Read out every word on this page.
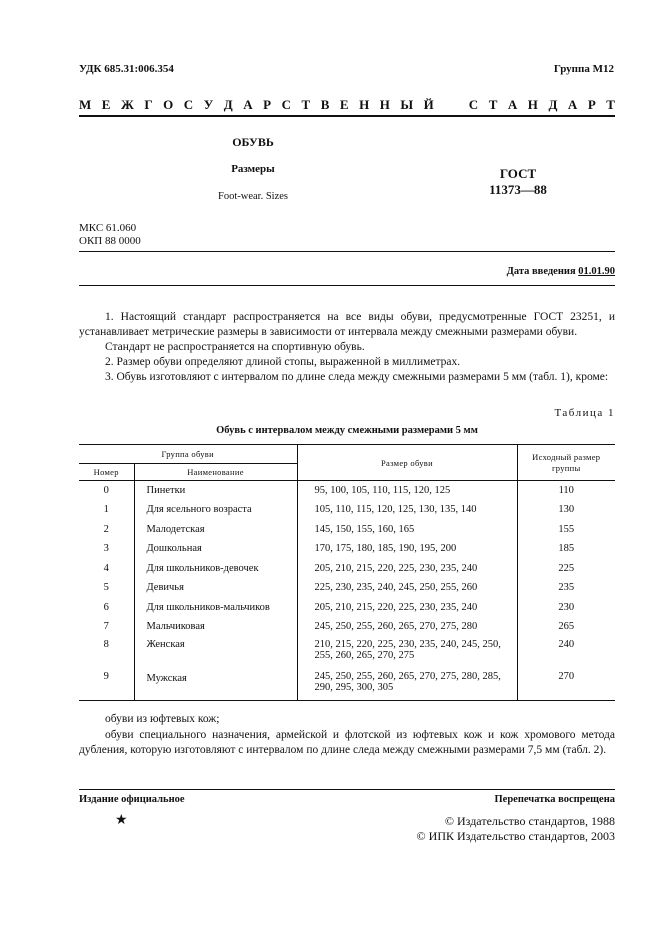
УДК 685.31:006.354	Группа М12
М Е Ж Г О С У Д А Р С Т В Е Н Н Ы Й	С Т А Н Д А Р Т
ОБУВЬ
Размеры
Foot-wear. Sizes
ГОСТ
11373—88
МКС 61.060
ОКП 88 0000
Дата введения 01.01.90
1. Настоящий стандарт распространяется на все виды обуви, предусмотренные ГОСТ 23251, и устанавливает метрические размеры в зависимости от интервала между смежными размерами обуви.
Стандарт не распространяется на спортивную обувь.
2. Размер обуви определяют длиной стопы, выраженной в миллиметрах.
3. Обувь изготовляют с интервалом по длине следа между смежными размерами 5 мм (табл. 1), кроме:
Таблица 1
Обувь с интервалом между смежными размерами 5 мм
Группа обуви		Размер обуви	Исходный размер группы
Номер	Наименование		
0	Пинетки	95, 100, 105, 110, 115, 120, 125	110
1	Для ясельного возраста	105, 110, 115, 120, 125, 130, 135, 140	130
2	Малодетская	145, 150, 155, 160, 165	155
3	Дошкольная	170, 175, 180, 185, 190, 195, 200	185
4	Для школьников-девочек	205, 210, 215, 220, 225, 230, 235, 240	225
5	Девичья	225, 230, 235, 240, 245, 250, 255, 260	235
6	Для школьников-мальчиков	205, 210, 215, 220, 225, 230, 235, 240	230
7	Мальчиковая	245, 250, 255, 260, 265, 270, 275, 280	265
8	Женская	210, 215, 220, 225, 230, 235, 240, 245, 250,
255, 260, 265, 270, 275	240
9	Мужская	245, 250, 255, 260, 265, 270, 275, 280, 285,
290, 295, 300, 305	270
обуви из юфтевых кож;
обуви специального назначения, армейской и флотской из юфтевых кож и кож хромового метода дубления, которую изготовляют с интервалом по длине следа между смежными размерами 7,5 мм (табл. 2).
Издание официальное	Перепечатка воспрещена
★	© Издательство стандартов, 1988
© ИПК Издательство стандартов, 2003
